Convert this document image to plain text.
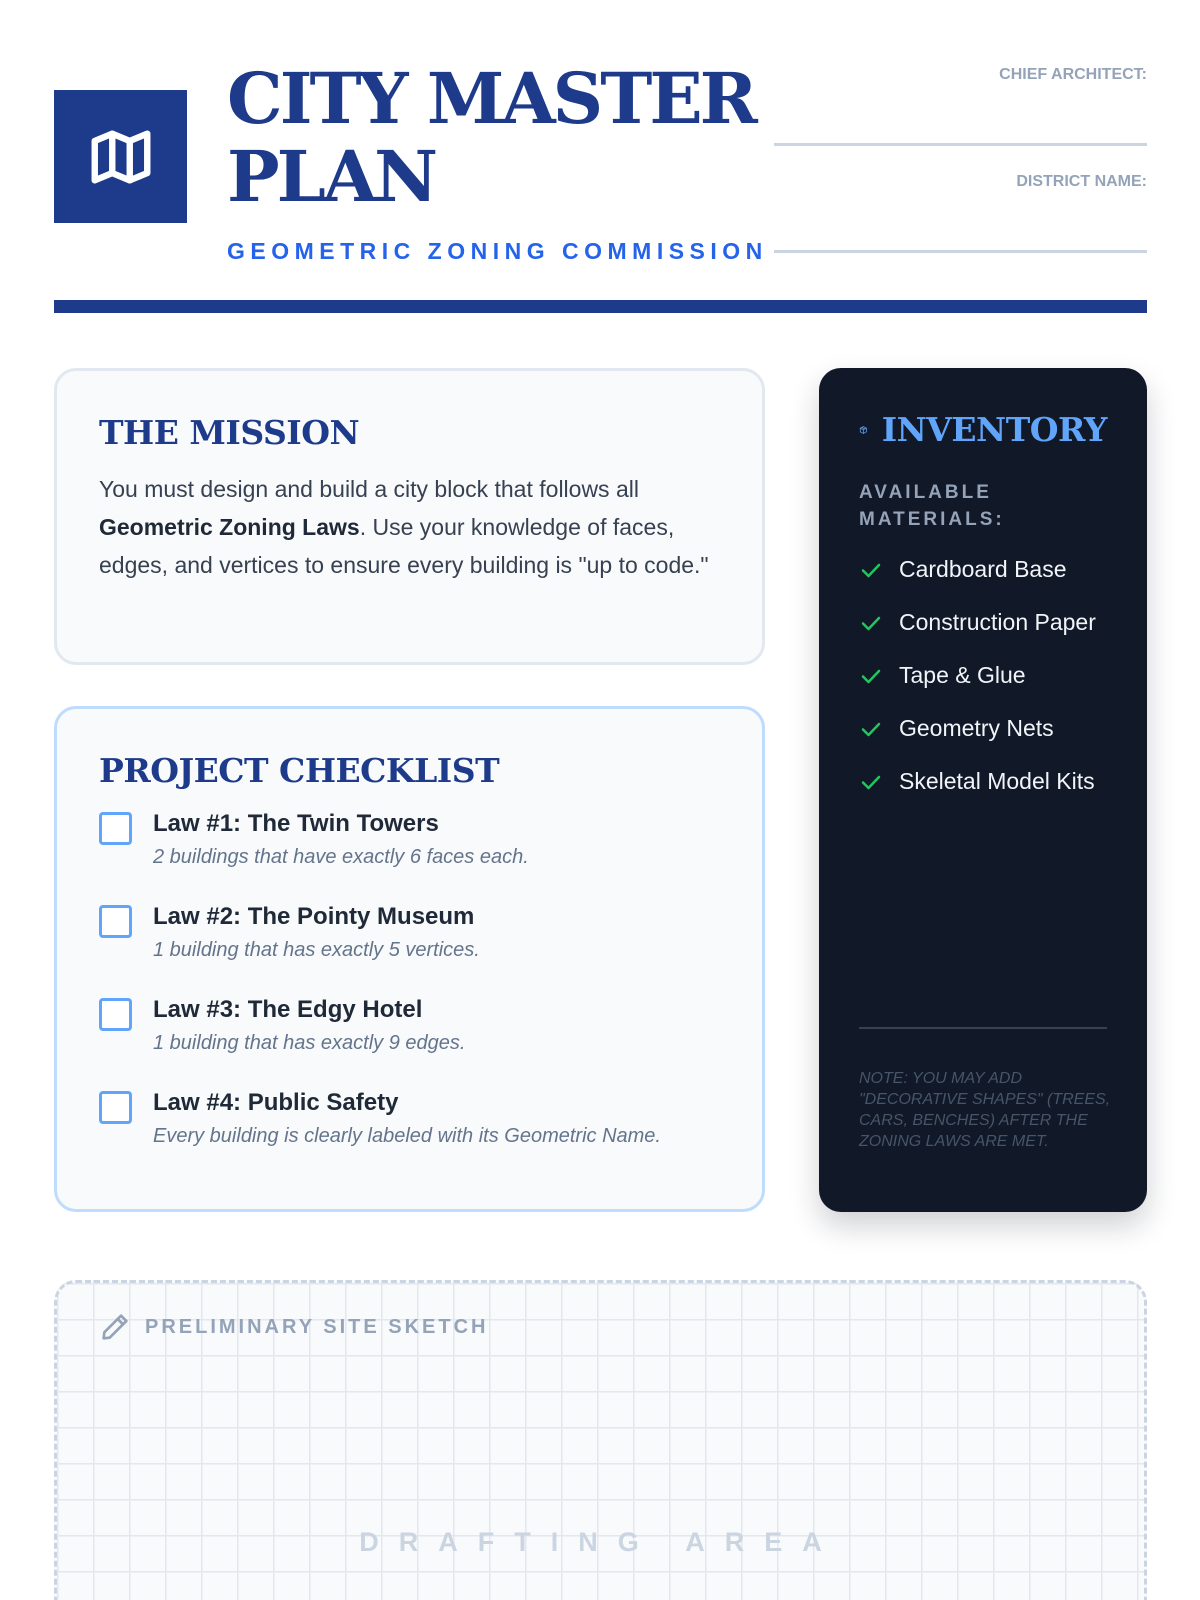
CITY MASTER
PLAN
GEOMETRIC ZONING COMMISSION
CHIEF ARCHITECT:
DISTRICT NAME:
THE MISSION

You must design and build a city block that follows all Geometric Zoning Laws. Use your knowledge of faces, edges, and vertices to ensure every building is "up to code."

PROJECT CHECKLIST
Law #1: The Twin Towers
2 buildings that have exactly 6 faces each.
Law #2: The Pointy Museum
1 building that has exactly 5 vertices.
Law #3: The Edgy Hotel
1 building that has exactly 9 edges.
Law #4: Public Safety
Every building is clearly labeled with its Geometric Name.
INVENTORY
AVAILABLE MATERIALS:
Cardboard Base
Construction Paper
Tape & Glue
Geometry Nets
Skeletal Model Kits

NOTE: YOU MAY ADD "DECORATIVE SHAPES" (TREES, CARS, BENCHES) AFTER THE ZONING LAWS ARE MET.

PRELIMINARY SITE SKETCH
DRAFTING AREA
